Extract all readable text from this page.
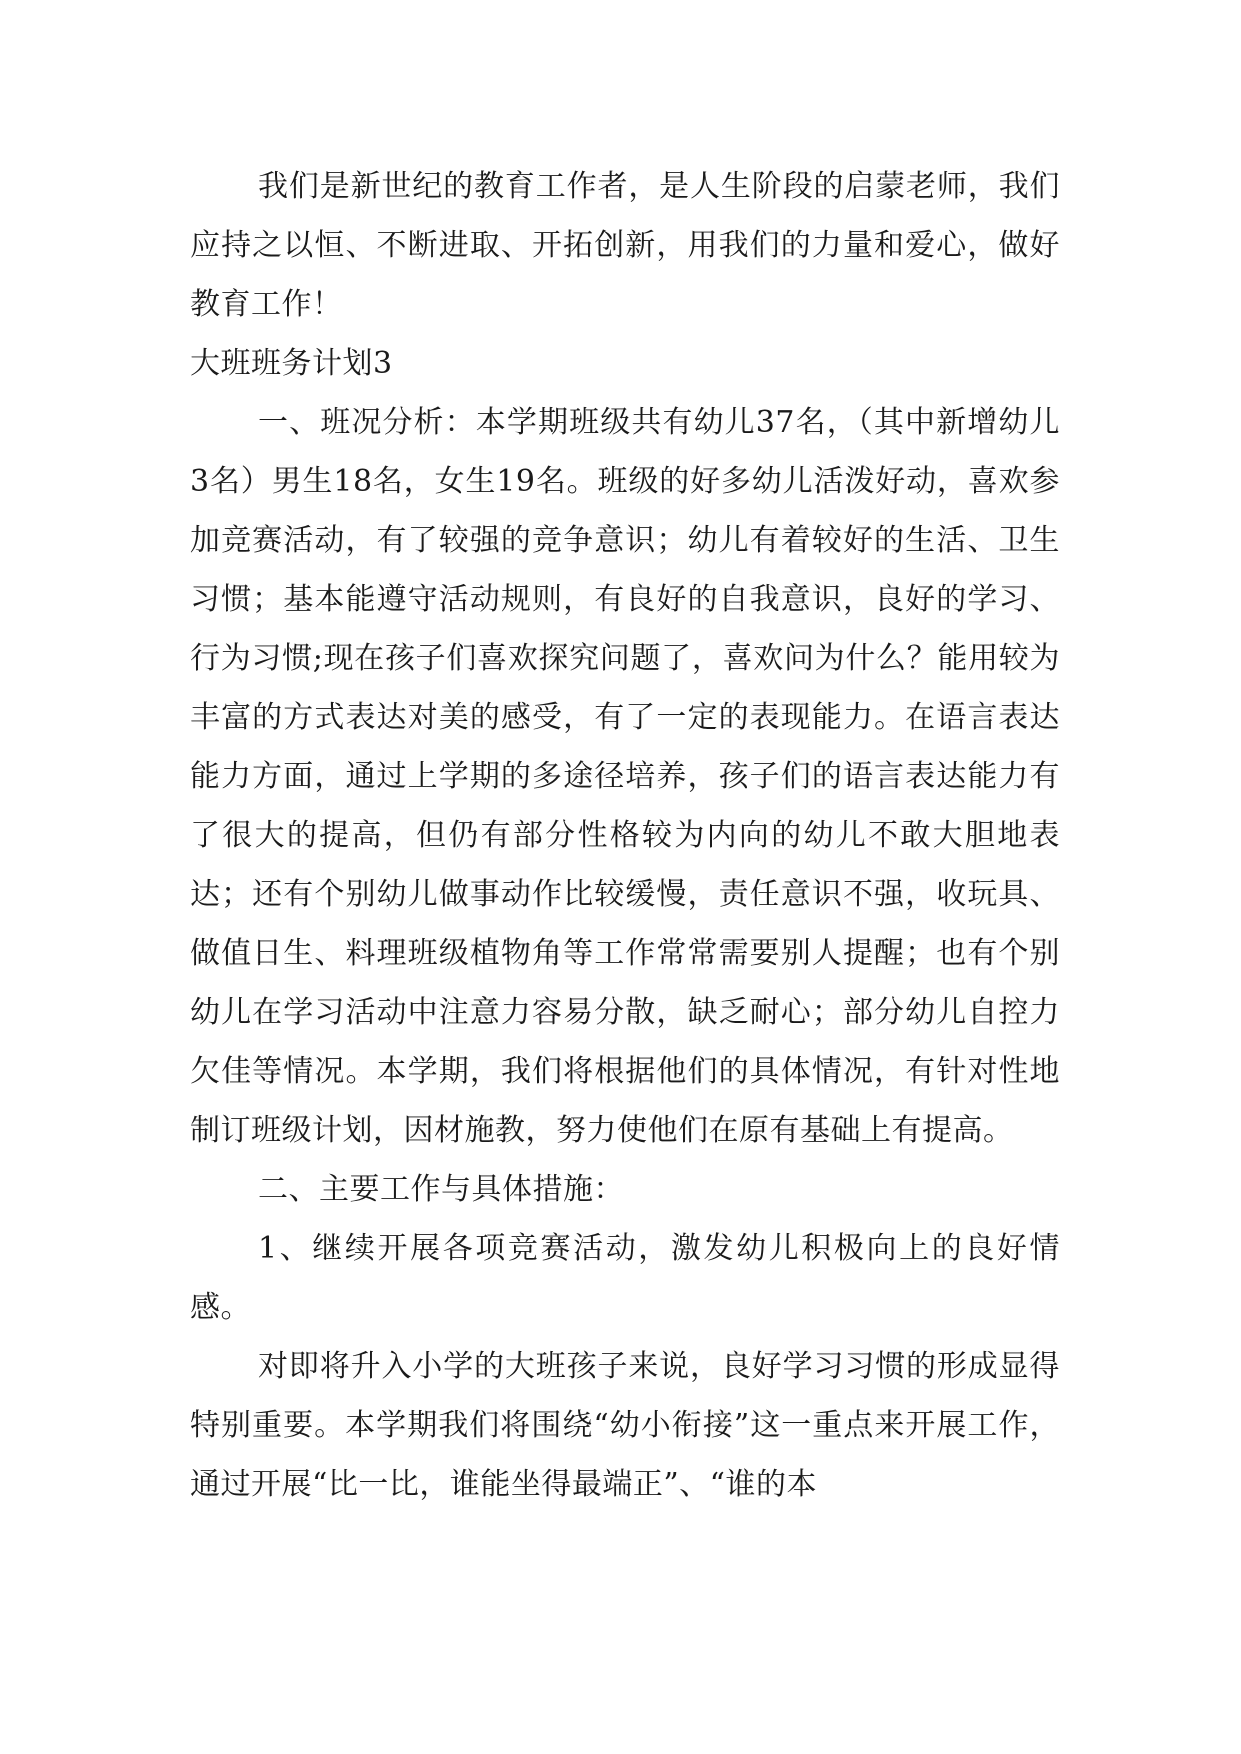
我们是新世纪的教育工作者，是人生阶段的启蒙老师，我们应持之以恒、不断进取、开拓创新，用我们的力量和爱心，做好教育工作！

大班班务计划3

一、班况分析：本学期班级共有幼儿37名，（其中新增幼儿3名）男生18名，女生19名。班级的好多幼儿活泼好动，喜欢参加竞赛活动，有了较强的竞争意识；幼儿有着较好的生活、卫生习惯；基本能遵守活动规则，有良好的自我意识，良好的学习、行为习惯;现在孩子们喜欢探究问题了，喜欢问为什么？能用较为丰富的方式表达对美的感受，有了一定的表现能力。在语言表达能力方面，通过上学期的多途径培养，孩子们的语言表达能力有了很大的提高，但仍有部分性格较为内向的幼儿不敢大胆地表达；还有个别幼儿做事动作比较缓慢，责任意识不强，收玩具、做值日生、料理班级植物角等工作常常需要别人提醒；也有个别幼儿在学习活动中注意力容易分散，缺乏耐心；部分幼儿自控力欠佳等情况。本学期，我们将根据他们的具体情况，有针对性地制订班级计划，因材施教，努力使他们在原有基础上有提高。

二、主要工作与具体措施：

1、继续开展各项竞赛活动，激发幼儿积极向上的良好情感。

对即将升入小学的大班孩子来说，良好学习习惯的形成显得特别重要。本学期我们将围绕“幼小衔接”这一重点来开展工作，通过开展“比一比，谁能坐得最端正”、“谁的本
